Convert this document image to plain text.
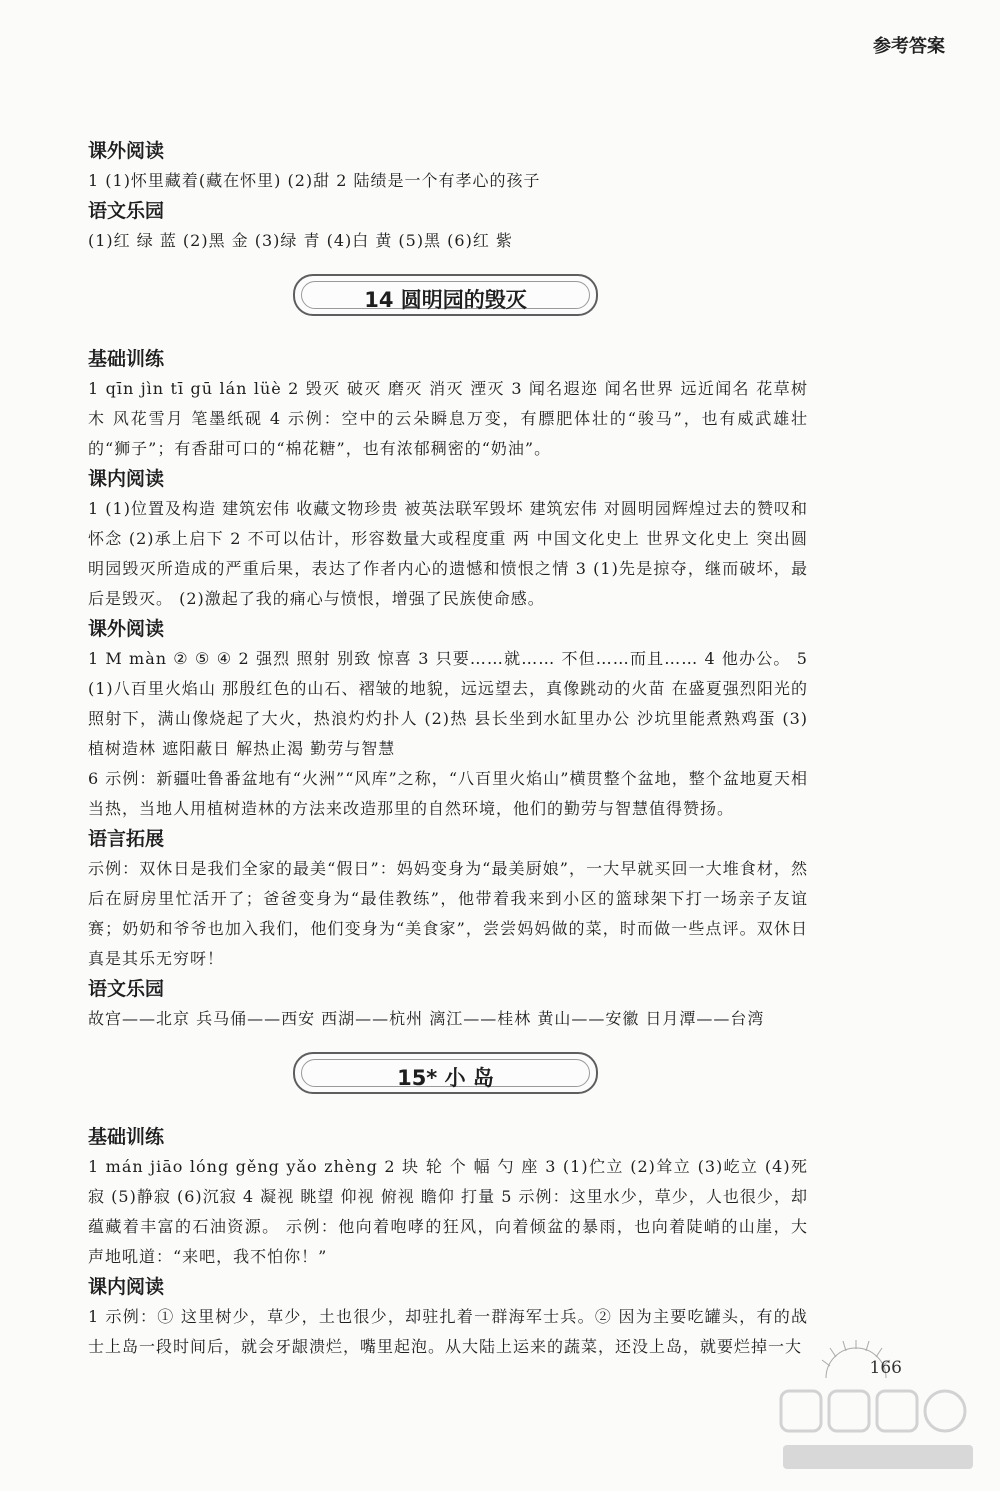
参考答案
课外阅读

1 (1)怀里藏着(藏在怀里) (2)甜 2 陆绩是一个有孝心的孩子

语文乐园

(1)红 绿 蓝 (2)黑 金 (3)绿 青 (4)白 黄 (5)黑 (6)红 紫

14 圆明园的毁灭
基础训练

1 qīn jìn tī gū lán lüè 2 毁灭 破灭 磨灭 消灭 湮灭 3 闻名遐迩 闻名世界 远近闻名 花草树木 风花雪月 笔墨纸砚 4 示例：空中的云朵瞬息万变，有膘肥体壮的“骏马”，也有威武雄壮的“狮子”；有香甜可口的“棉花糖”，也有浓郁稠密的“奶油”。

课内阅读

1 (1)位置及构造 建筑宏伟 收藏文物珍贵 被英法联军毁坏 建筑宏伟 对圆明园辉煌过去的赞叹和怀念 (2)承上启下 2 不可以估计，形容数量大或程度重 两 中国文化史上 世界文化史上 突出圆明园毁灭所造成的严重后果，表达了作者内心的遗憾和愤恨之情 3 (1)先是掠夺，继而破坏，最后是毁灭。 (2)激起了我的痛心与愤恨，增强了民族使命感。

课外阅读

1 M màn ② ⑤ ④ 2 强烈 照射 别致 惊喜 3 只要……就…… 不但……而且…… 4 他办公。 5 (1)八百里火焰山 那殷红色的山石、褶皱的地貌，远远望去，真像跳动的火苗 在盛夏强烈阳光的照射下，满山像烧起了大火，热浪灼灼扑人 (2)热 县长坐到水缸里办公 沙坑里能煮熟鸡蛋 (3)植树造林 遮阳蔽日 解热止渴 勤劳与智慧

6 示例：新疆吐鲁番盆地有“火洲”“风库”之称，“八百里火焰山”横贯整个盆地，整个盆地夏天相当热，当地人用植树造林的方法来改造那里的自然环境，他们的勤劳与智慧值得赞扬。

语言拓展

示例：双休日是我们全家的最美“假日”：妈妈变身为“最美厨娘”，一大早就买回一大堆食材，然后在厨房里忙活开了；爸爸变身为“最佳教练”，他带着我来到小区的篮球架下打一场亲子友谊赛；奶奶和爷爷也加入我们，他们变身为“美食家”，尝尝妈妈做的菜，时而做一些点评。双休日真是其乐无穷呀！

语文乐园

故宫——北京 兵马俑——西安 西湖——杭州 漓江——桂林 黄山——安徽 日月潭——台湾

15* 小 岛
基础训练

1 mán jiāo lóng gěng yǎo zhèng 2 块 轮 个 幅 勺 座 3 (1)伫立 (2)耸立 (3)屹立 (4)死寂 (5)静寂 (6)沉寂 4 凝视 眺望 仰视 俯视 瞻仰 打量 5 示例：这里水少，草少，人也很少，却蕴藏着丰富的石油资源。 示例：他向着咆哮的狂风，向着倾盆的暴雨，也向着陡峭的山崖，大声地吼道：“来吧，我不怕你！”

课内阅读

1 示例：① 这里树少，草少，土也很少，却驻扎着一群海军士兵。② 因为主要吃罐头，有的战士上岛一段时间后，就会牙龈溃烂，嘴里起泡。从大陆上运来的蔬菜，还没上岛，就要烂掉一大

166
